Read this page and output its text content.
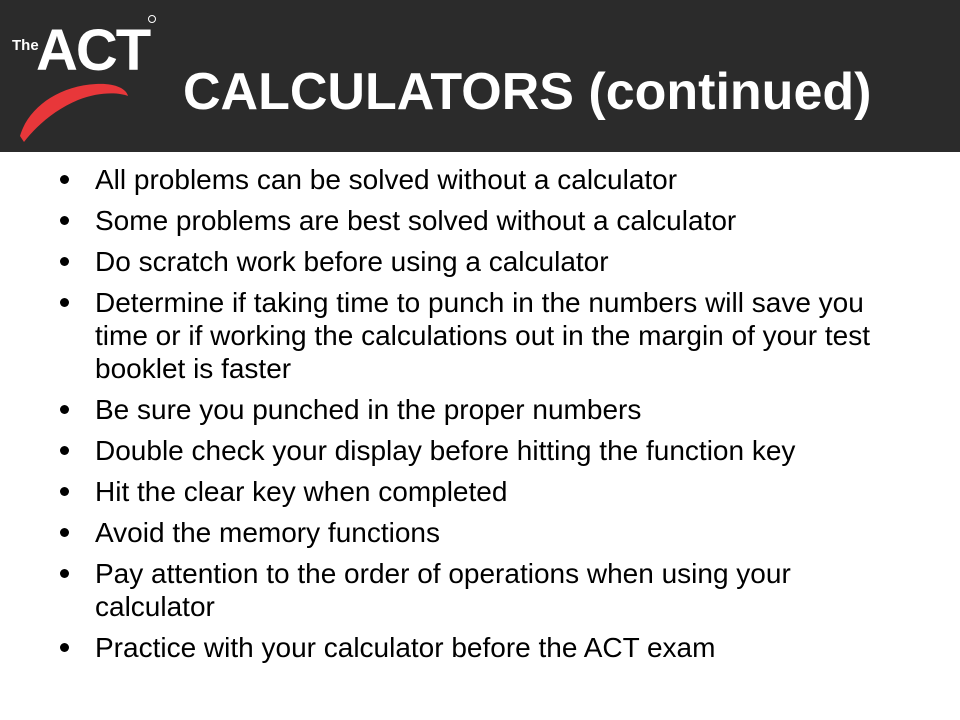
The
ACT
CALCULATORS (continued)
All problems can be solved without a calculator
Some problems are best solved without a calculator
Do scratch work before using a calculator
Determine if taking time to punch in the numbers will save you time or if working the calculations out in the margin of your test booklet is faster
Be sure you punched in the proper numbers
Double check your display before hitting the function key
Hit the clear key when completed
Avoid the memory functions
Pay attention to the order of operations when using your calculator
Practice with your calculator before the ACT exam
